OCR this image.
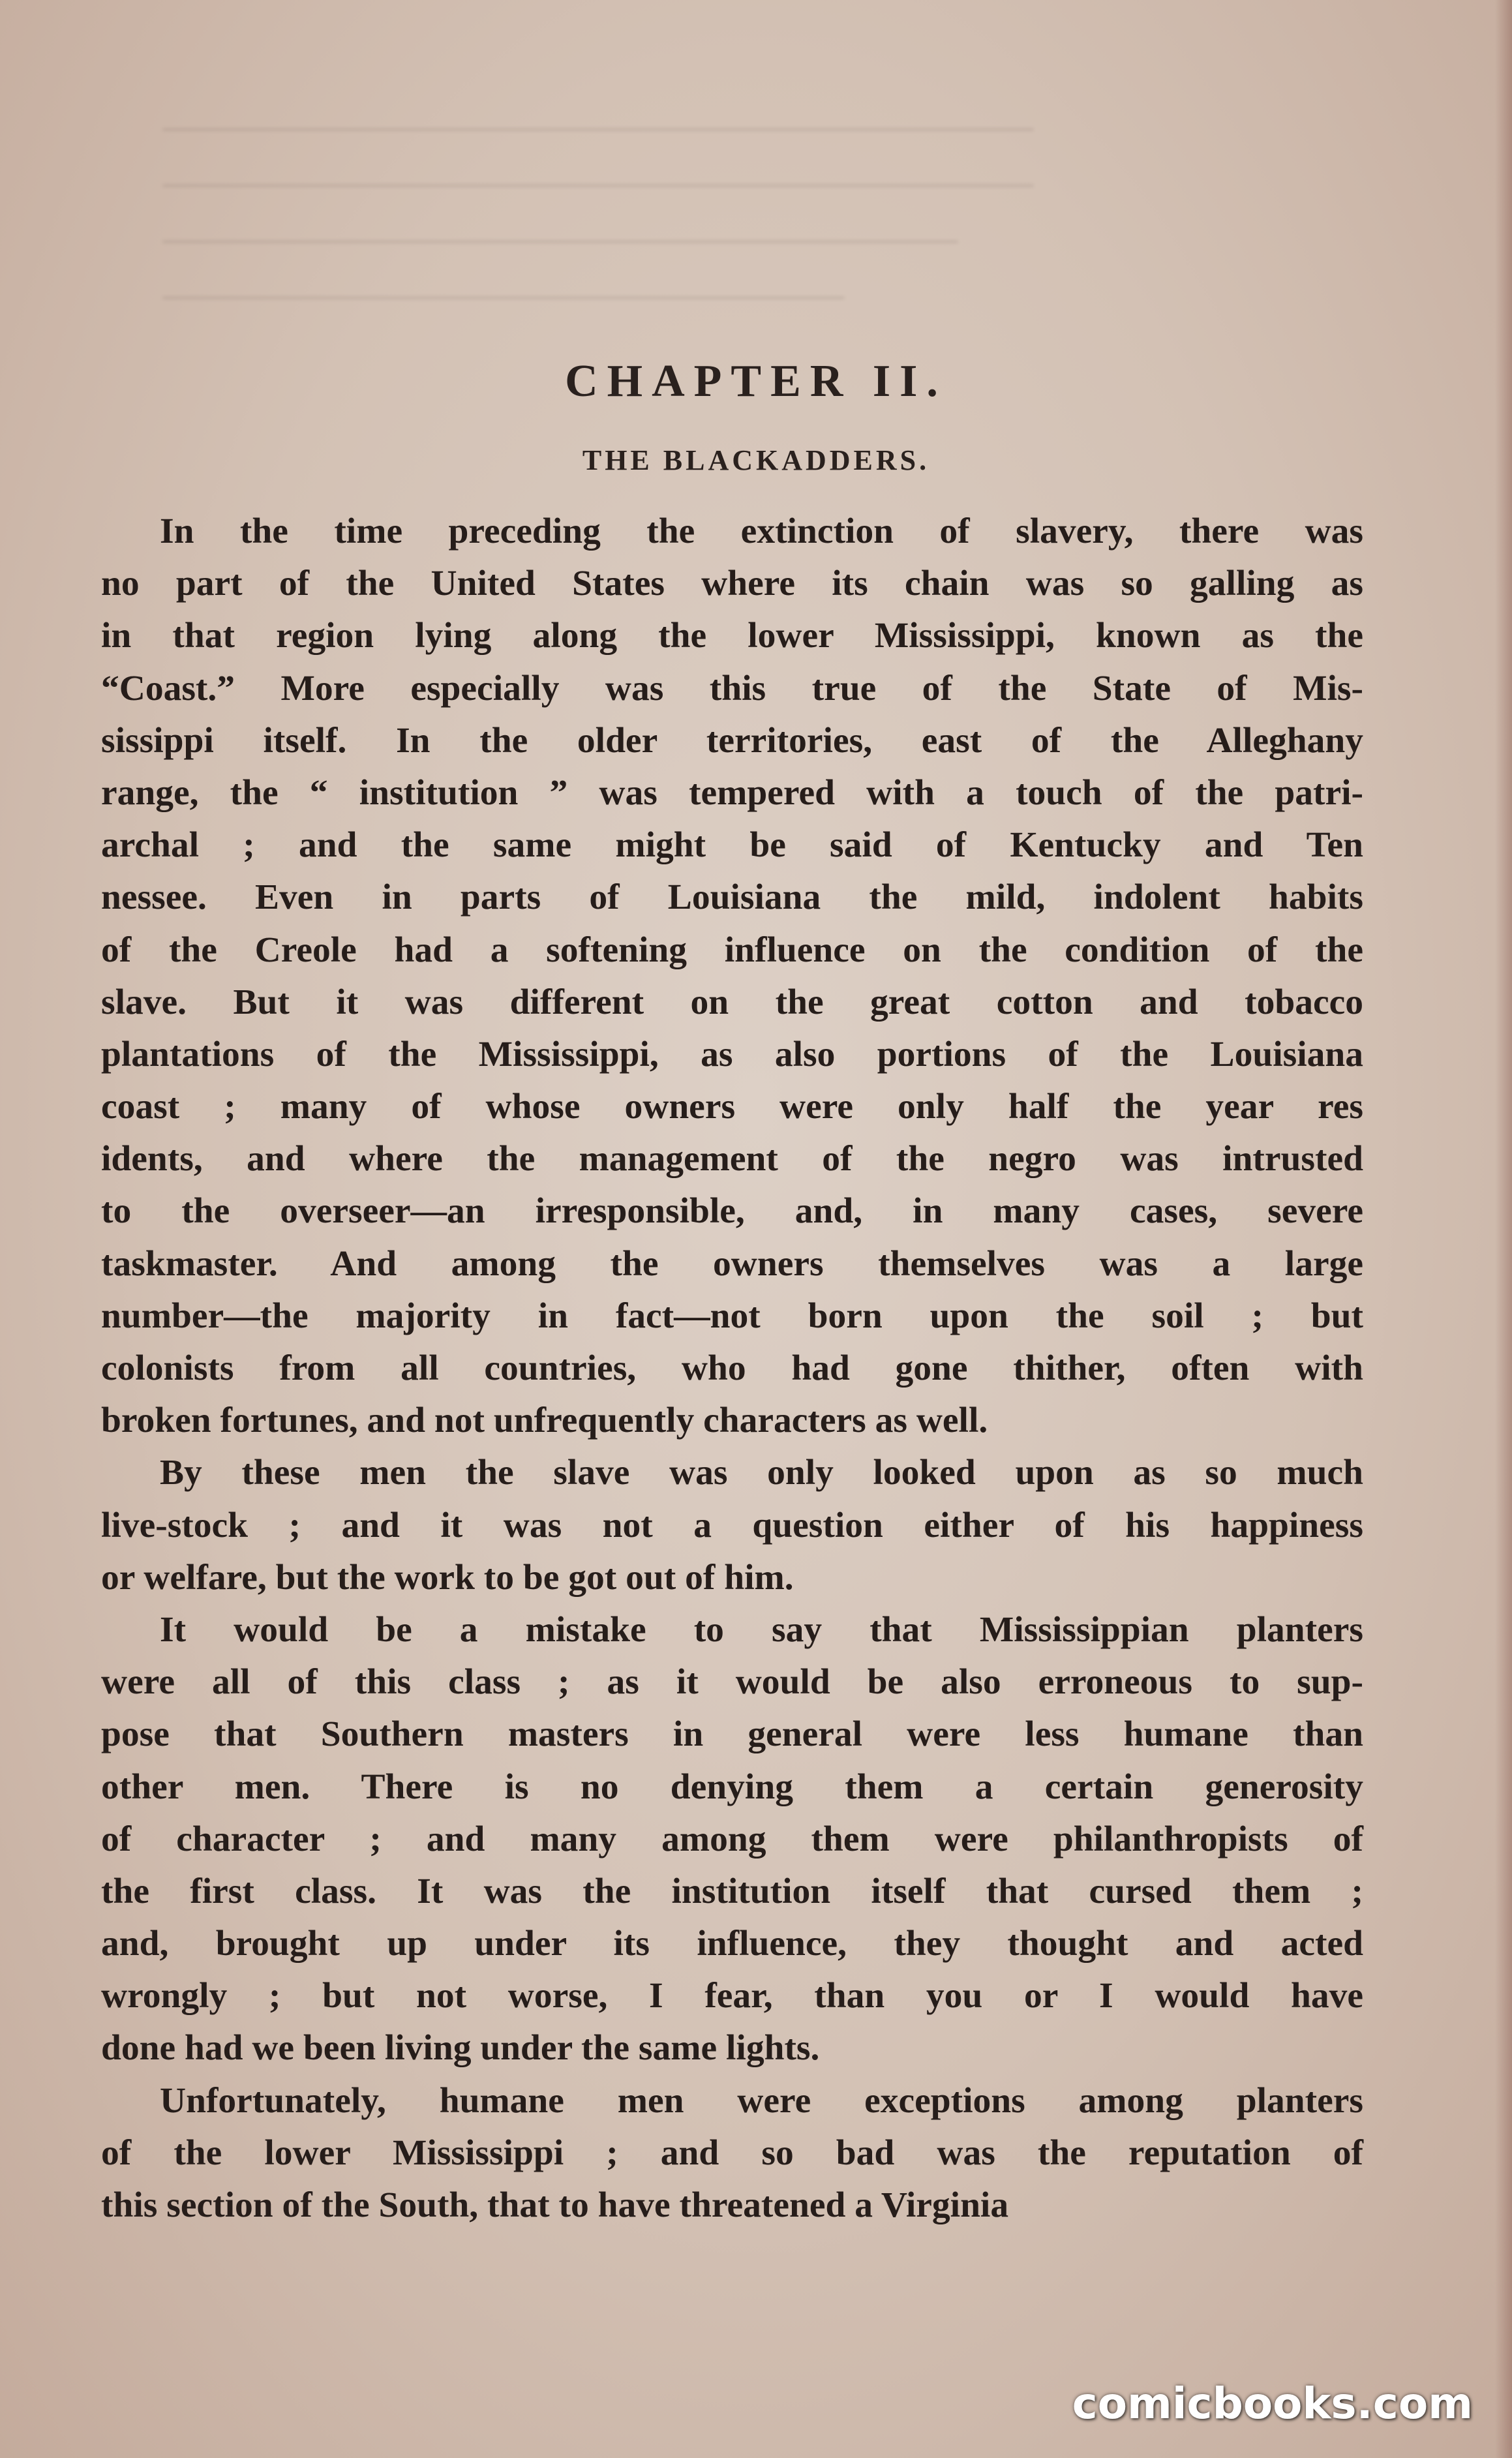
———————————————————————
———————————————————————
—————————————————————
——————————————————
CHAPTER II.
THE BLACKADDERS.
In the time preceding the extinction of slavery, there was
no part of the United States where its chain was so galling as
in that region lying along the lower Mississippi, known as the
“Coast.” More especially was this true of the State of Mis-
sissippi itself. In the older territories, east of the Alleghany
range, the “ institution ” was tempered with a touch of the patri-
archal ; and the same might be said of Kentucky and Ten
nessee. Even in parts of Louisiana the mild, indolent habits
of the Creole had a softening influence on the condition of the
slave. But it was different on the great cotton and tobacco
plantations of the Mississippi, as also portions of the Louisiana
coast ; many of whose owners were only half the year res
idents, and where the management of the negro was intrusted
to the overseer—an irresponsible, and, in many cases, severe
taskmaster. And among the owners themselves was a large
number—the majority in fact—not born upon the soil ; but
colonists from all countries, who had gone thither, often with
broken fortunes, and not unfrequently characters as well.
By these men the slave was only looked upon as so much
live-stock ; and it was not a question either of his happiness
or welfare, but the work to be got out of him.
It would be a mistake to say that Mississippian planters
were all of this class ; as it would be also erroneous to sup-
pose that Southern masters in general were less humane than
other men. There is no denying them a certain generosity
of character ; and many among them were philanthropists of
the first class. It was the institution itself that cursed them ;
and, brought up under its influence, they thought and acted
wrongly ; but not worse, I fear, than you or I would have
done had we been living under the same lights.
Unfortunately, humane men were exceptions among planters
of the lower Mississippi ; and so bad was the reputation of
this section of the South, that to have threatened a Virginia
comicbooks.com
